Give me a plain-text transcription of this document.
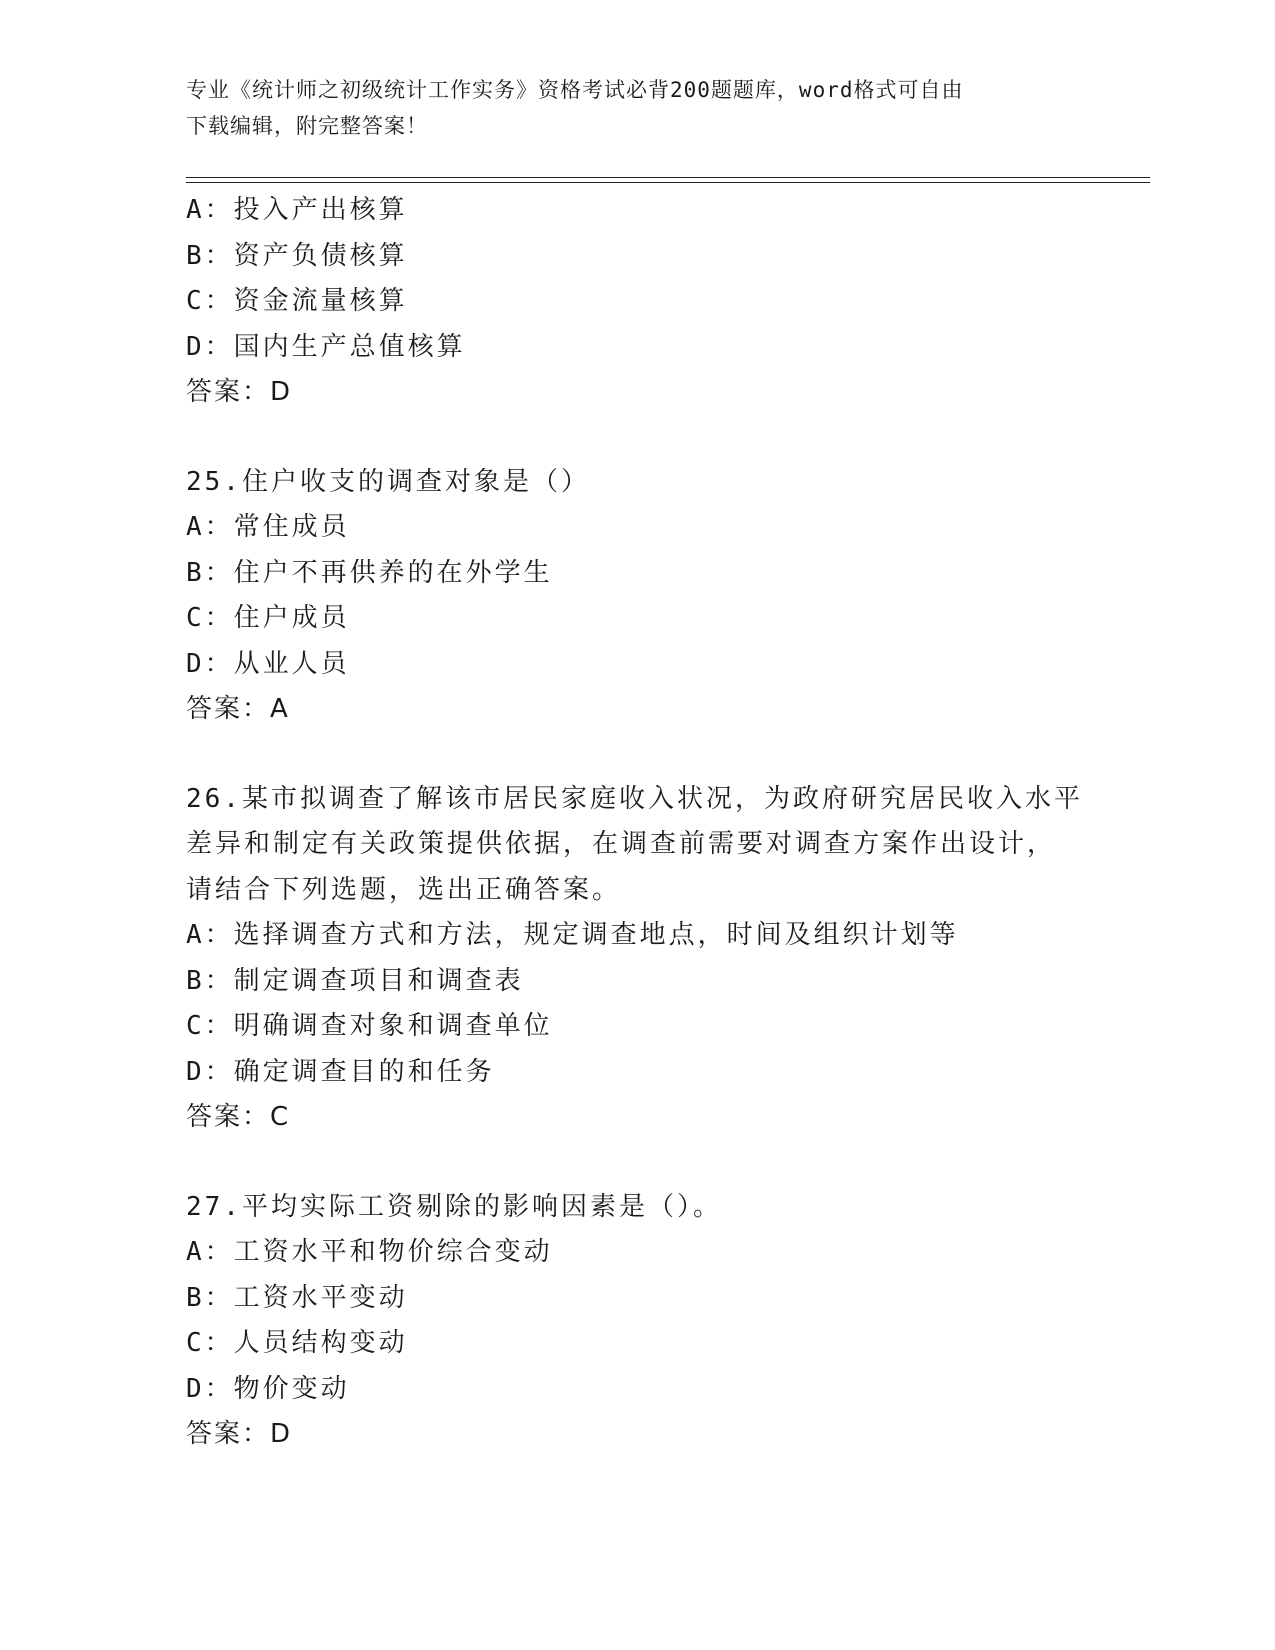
专业《统计师之初级统计工作实务》资格考试必背200题题库，word格式可自由
下载编辑，附完整答案！
A：投入产出核算
B：资产负债核算
C：资金流量核算
D：国内生产总值核算
答案：D
25.住户收支的调查对象是（）
A：常住成员
B：住户不再供养的在外学生
C：住户成员
D：从业人员
答案：A
26.某市拟调查了解该市居民家庭收入状况，为政府研究居民收入水平
差异和制定有关政策提供依据，在调查前需要对调查方案作出设计，
请结合下列选题，选出正确答案。
A：选择调查方式和方法，规定调查地点，时间及组织计划等
B：制定调查项目和调查表
C：明确调查对象和调查单位
D：确定调查目的和任务
答案：C
27.平均实际工资剔除的影响因素是（）。
A：工资水平和物价综合变动
B：工资水平变动
C：人员结构变动
D：物价变动
答案：D
